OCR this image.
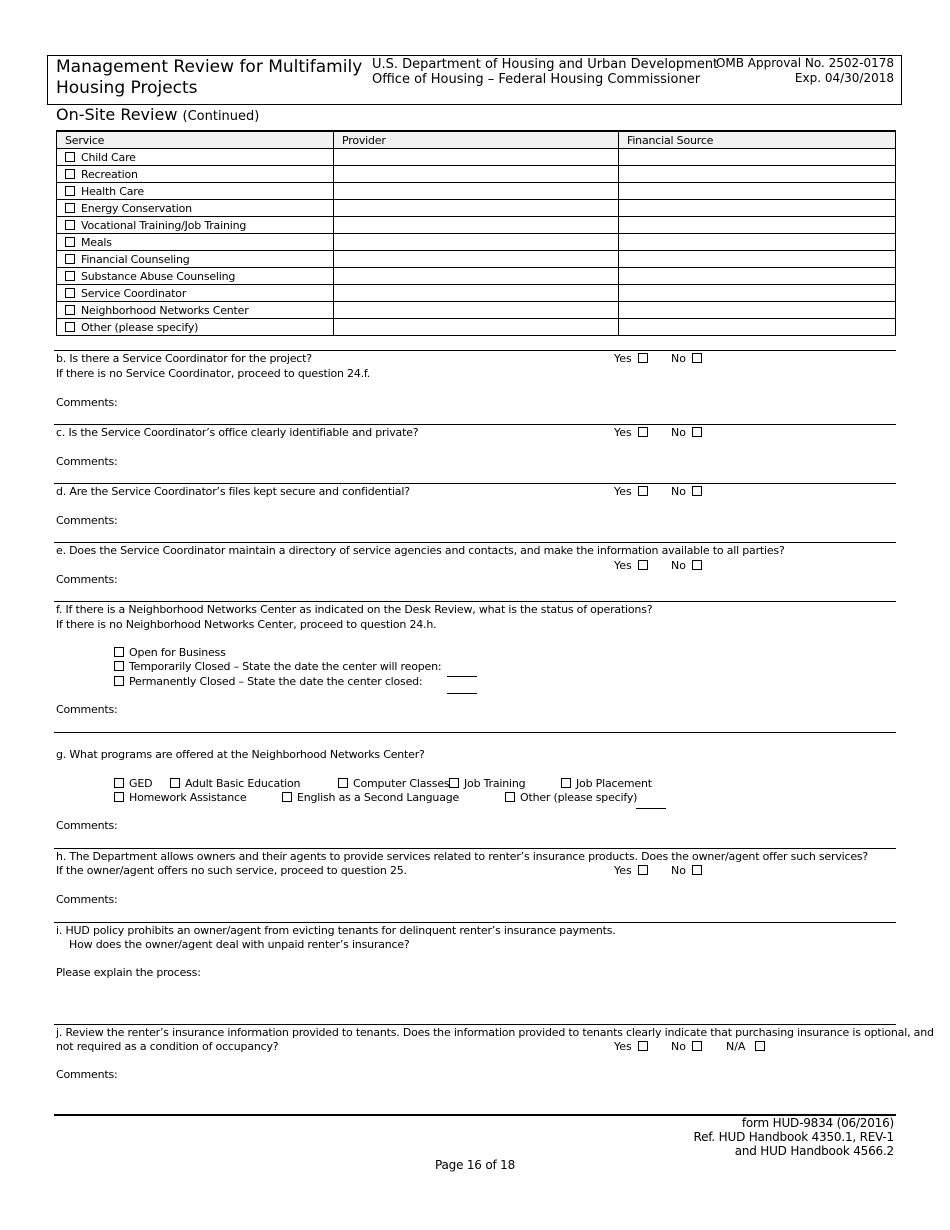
Management Review for Multifamily
Housing Projects
U.S. Department of Housing and Urban Development
Office of Housing – Federal Housing Commissioner
OMB Approval No. 2502-0178
Exp. 04/30/2018
On-Site Review (Continued)
Service	Provider	Financial Source
Child Care		
Recreation		
Health Care		
Energy Conservation		
Vocational Training/Job Training		
Meals		
Financial Counseling		
Substance Abuse Counseling		
Service Coordinator		
Neighborhood Networks Center		
Other (please specify)		
b. Is there a Service Coordinator for the project?
If there is no Service Coordinator, proceed to question 24.f.
Yes	No
Comments:
c. Is the Service Coordinator’s office clearly identifiable and private?	Yes	No
Comments:
d. Are the Service Coordinator’s files kept secure and confidential?	Yes	No
Comments:
e. Does the Service Coordinator maintain a directory of service agencies and contacts, and make the information available to all parties?
Yes	No
Comments:
f. If there is a Neighborhood Networks Center as indicated on the Desk Review, what is the status of operations?
If there is no Neighborhood Networks Center, proceed to question 24.h.
Open for Business
Temporarily Closed – State the date the center will reopen:
Permanently Closed – State the date the center closed:
Comments:
g. What programs are offered at the Neighborhood Networks Center?
GED	Adult Basic Education	Computer Classes	Job Training	Job Placement
Homework Assistance	English as a Second Language	Other (please specify)
Comments:
h. The Department allows owners and their agents to provide services related to renter’s insurance products. Does the owner/agent offer such services?
If the owner/agent offers no such service, proceed to question 25.	Yes	No
Comments:
i. HUD policy prohibits an owner/agent from evicting tenants for delinquent renter’s insurance payments.
How does the owner/agent deal with unpaid renter’s insurance?
Please explain the process:
j. Review the renter’s insurance information provided to tenants. Does the information provided to tenants clearly indicate that purchasing insurance is optional, and
not required as a condition of occupancy?	Yes	No	N/A
Comments:
form HUD-9834 (06/2016)
Ref. HUD Handbook 4350.1, REV-1
and HUD Handbook 4566.2
Page 16 of 18
